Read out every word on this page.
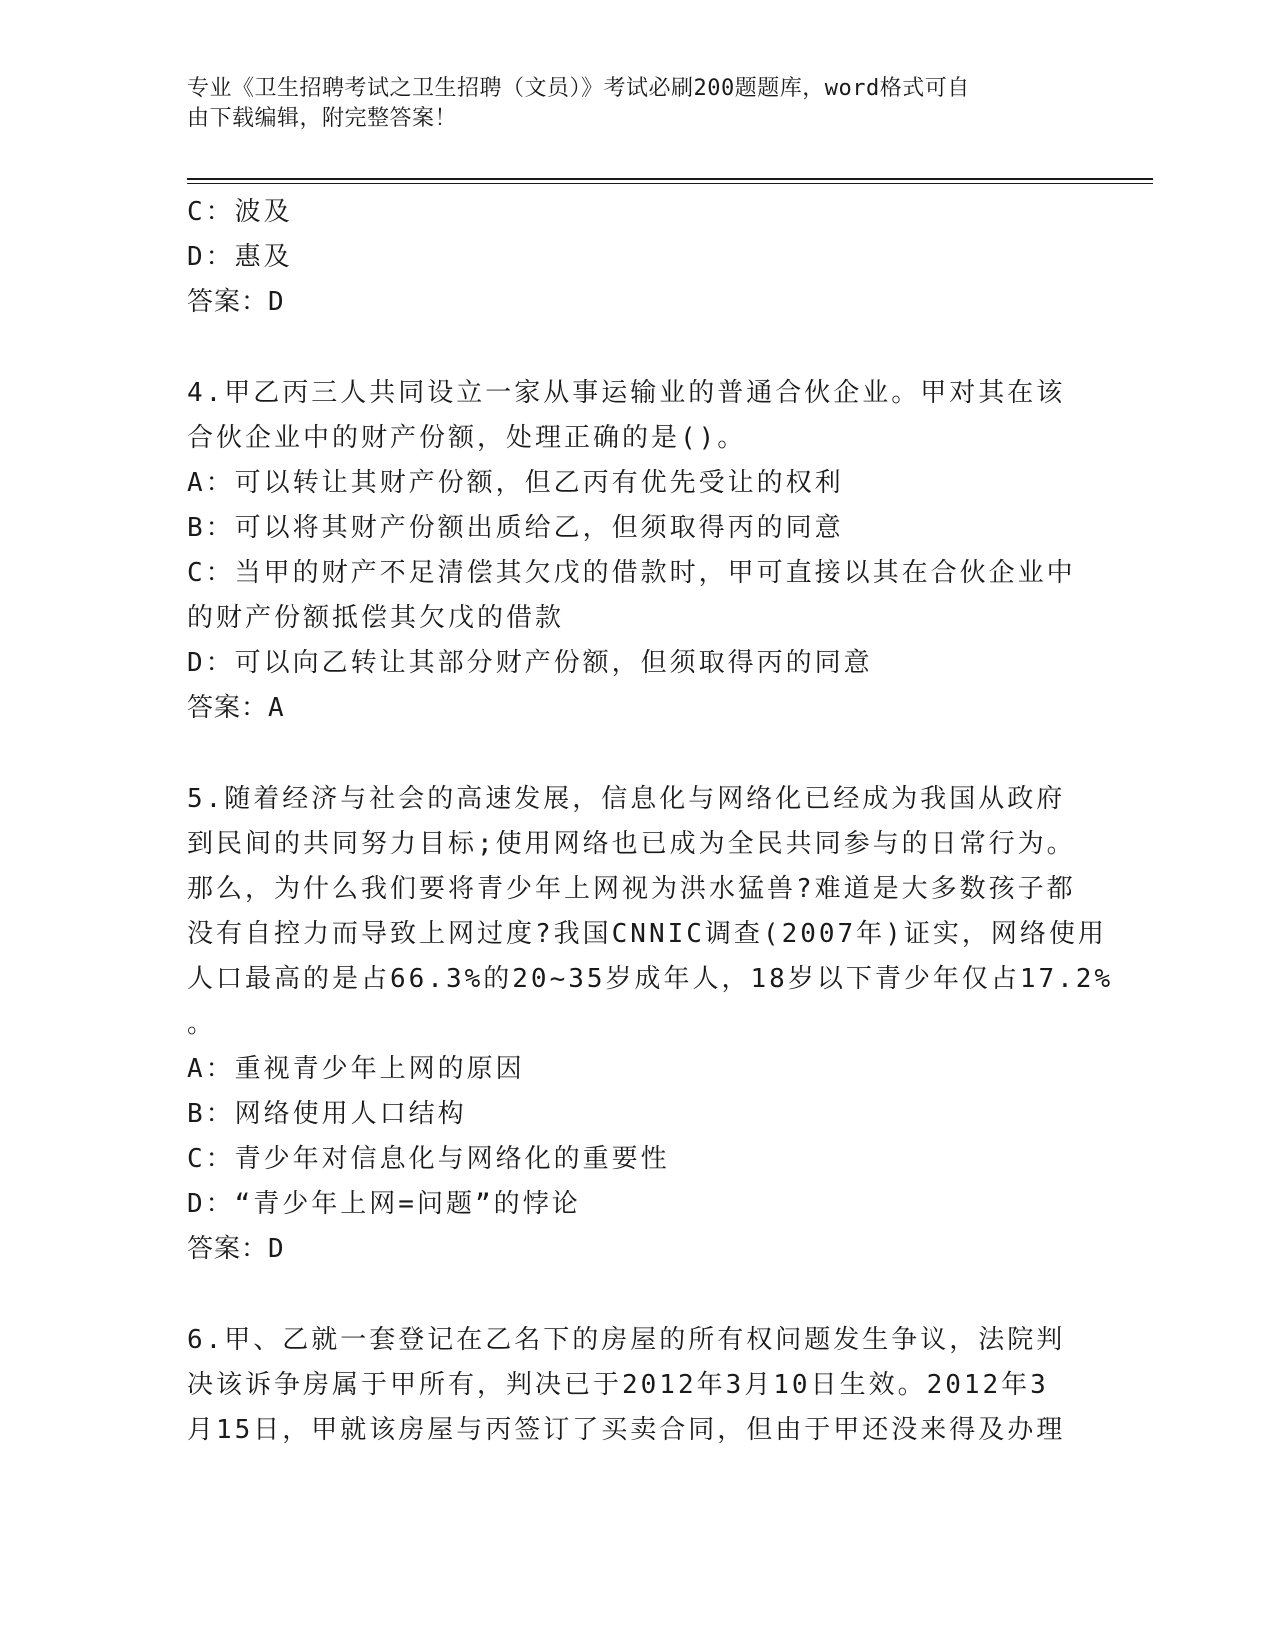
专业《卫生招聘考试之卫生招聘（文员）》考试必刷200题题库，word格式可自
由下载编辑，附完整答案！

C：波及

D：惠及

答案：D

4.甲乙丙三人共同设立一家从事运输业的普通合伙企业。甲对其在该

合伙企业中的财产份额，处理正确的是()。

A：可以转让其财产份额，但乙丙有优先受让的权利

B：可以将其财产份额出质给乙，但须取得丙的同意

C：当甲的财产不足清偿其欠戊的借款时，甲可直接以其在合伙企业中

的财产份额抵偿其欠戊的借款

D：可以向乙转让其部分财产份额，但须取得丙的同意

答案：A

5.随着经济与社会的高速发展，信息化与网络化已经成为我国从政府

到民间的共同努力目标;使用网络也已成为全民共同参与的日常行为。

那么，为什么我们要将青少年上网视为洪水猛兽?难道是大多数孩子都

没有自控力而导致上网过度?我国CNNIC调查(2007年)证实，网络使用

人口最高的是占66.3%的20~35岁成年人，18岁以下青少年仅占17.2%

。

A：重视青少年上网的原因

B：网络使用人口结构

C：青少年对信息化与网络化的重要性

D：“青少年上网=问题”的悖论

答案：D

6.甲、乙就一套登记在乙名下的房屋的所有权问题发生争议，法院判

决该诉争房属于甲所有，判决已于2012年3月10日生效。2012年3

月15日，甲就该房屋与丙签订了买卖合同，但由于甲还没来得及办理
